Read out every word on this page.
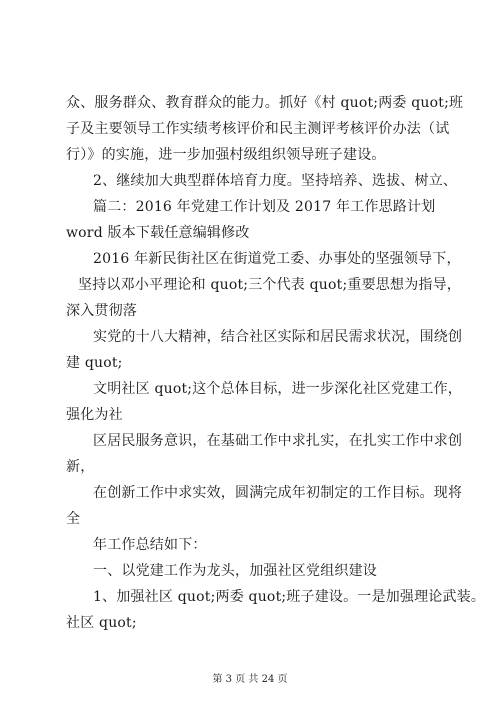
众、服务群众、教育群众的能力。抓好《村 quot;两委 quot;班
子及主要领导工作实绩考核评价和民主测评考核评价办法（试
行）》的实施，进一步加强村级组织领导班子建设。
2、继续加大典型群体培育力度。坚持培养、选拔、树立、
篇二：2016 年党建工作计划及 2017 年工作思路计划
word 版本下载任意编辑修改
2016 年新民街社区在街道党工委、办事处的坚强领导下，
坚持以邓小平理论和 quot;三个代表 quot;重要思想为指导，
深入贯彻落
实党的十八大精神，结合社区实际和居民需求状况，围绕创
建 quot;
文明社区 quot;这个总体目标，进一步深化社区党建工作，
强化为社
区居民服务意识，在基础工作中求扎实，在扎实工作中求创
新，
在创新工作中求实效，圆满完成年初制定的工作目标。现将
全
年工作总结如下：
一、以党建工作为龙头，加强社区党组织建设
1、加强社区 quot;两委 quot;班子建设。一是加强理论武装。
社区 quot;
第 3 页 共 24 页
